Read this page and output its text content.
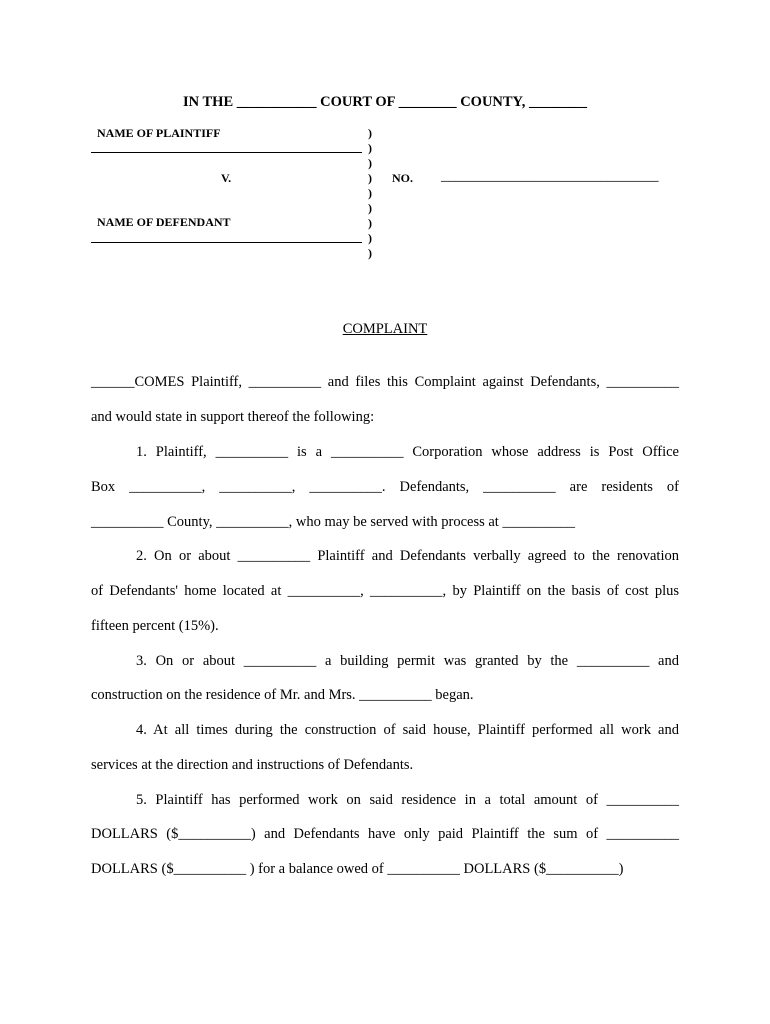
IN THE ___________ COURT OF ________ COUNTY, ________
NAME OF PLAINTIFF
V.
NAME OF DEFENDANT
)
)
)
)
)
)
)
)
)
NO. ______________________________
COMPLAINT
______COMES Plaintiff, __________ and files this Complaint against Defendants, __________
and would state in support thereof the following:
1. Plaintiff, __________ is a __________ Corporation whose address is Post Office
Box __________, __________, __________. Defendants, __________ are residents of
__________ County, __________, who may be served with process at __________
2. On or about __________ Plaintiff and Defendants verbally agreed to the renovation
of Defendants' home located at __________, __________, by Plaintiff on the basis of cost plus
fifteen percent (15%).
3. On or about __________ a building permit was granted by the __________ and
construction on the residence of Mr. and Mrs. __________ began.
4. At all times during the construction of said house, Plaintiff performed all work and
services at the direction and instructions of Defendants.
5. Plaintiff has performed work on said residence in a total amount of __________
DOLLARS ($__________) and Defendants have only paid Plaintiff the sum of __________
DOLLARS ($__________ ) for a balance owed of __________ DOLLARS ($__________)
